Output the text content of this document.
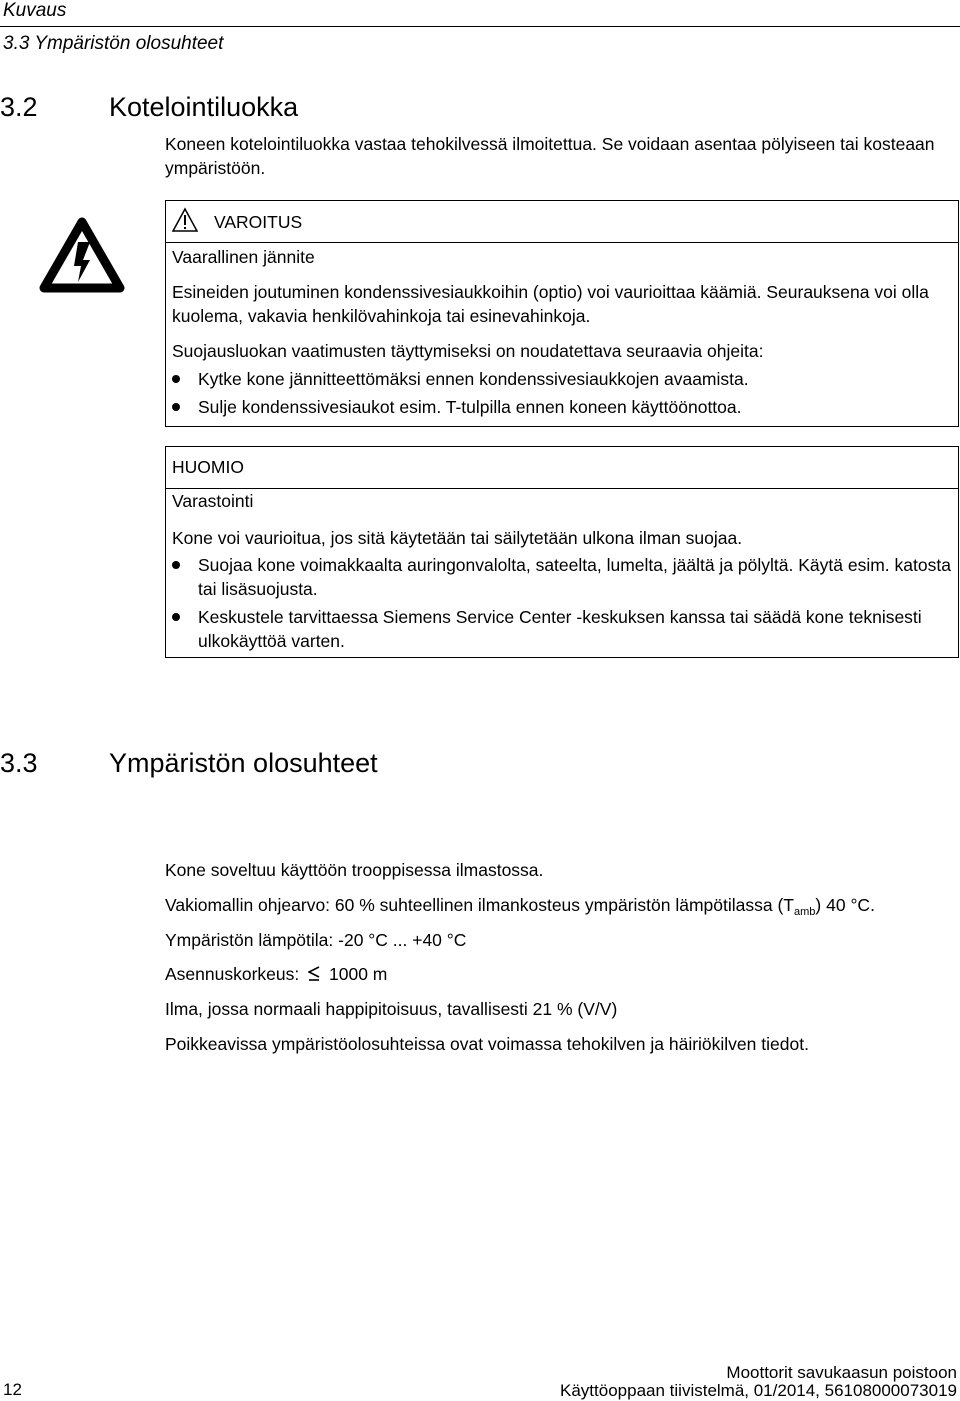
Kuvaus
3.3 Ympäristön olosuhteet
3.2	Kotelointiluokka
Koneen kotelointiluokka vastaa tehokilvessä ilmoitettua. Se voidaan asentaa pölyiseen tai kosteaan ympäristöön.
VAROITUS
Vaarallinen jännite
Esineiden joutuminen kondenssivesiaukkoihin (optio) voi vaurioittaa käämiä. Seurauksena voi olla kuolema, vakavia henkilövahinkoja tai esinevahinkoja.
Suojausluokan vaatimusten täyttymiseksi on noudatettava seuraavia ohjeita:
Kytke kone jännitteettömäksi ennen kondenssivesiaukkojen avaamista.
Sulje kondenssivesiaukot esim. T-tulpilla ennen koneen käyttöönottoa.
HUOMIO
Varastointi
Kone voi vaurioitua, jos sitä käytetään tai säilytetään ulkona ilman suojaa.
Suojaa kone voimakkaalta auringonvalolta, sateelta, lumelta, jäältä ja pölyltä. Käytä esim. katosta tai lisäsuojusta.
Keskustele tarvittaessa Siemens Service Center -keskuksen kanssa tai säädä kone teknisesti ulkokäyttöä varten.
3.3	Ympäristön olosuhteet
Kone soveltuu käyttöön trooppisessa ilmastossa.
Vakiomallin ohjearvo: 60 % suhteellinen ilmankosteus ympäristön lämpötilassa $(T_{amb})$ 40 °C.
Ympäristön lämpötila: -20 °C ... +40 °C
Asennuskorkeus: 1000 m
Ilma, jossa normaali happipitoisuus, tavallisesti 21 % (V/V)
Poikkeavissa ympäristöolosuhteissa ovat voimassa tehokilven ja häiriökilven tiedot.
12
Moottorit savukaasun poistoon
Käyttöoppaan tiivistelmä, 01/2014, 56108000073019
